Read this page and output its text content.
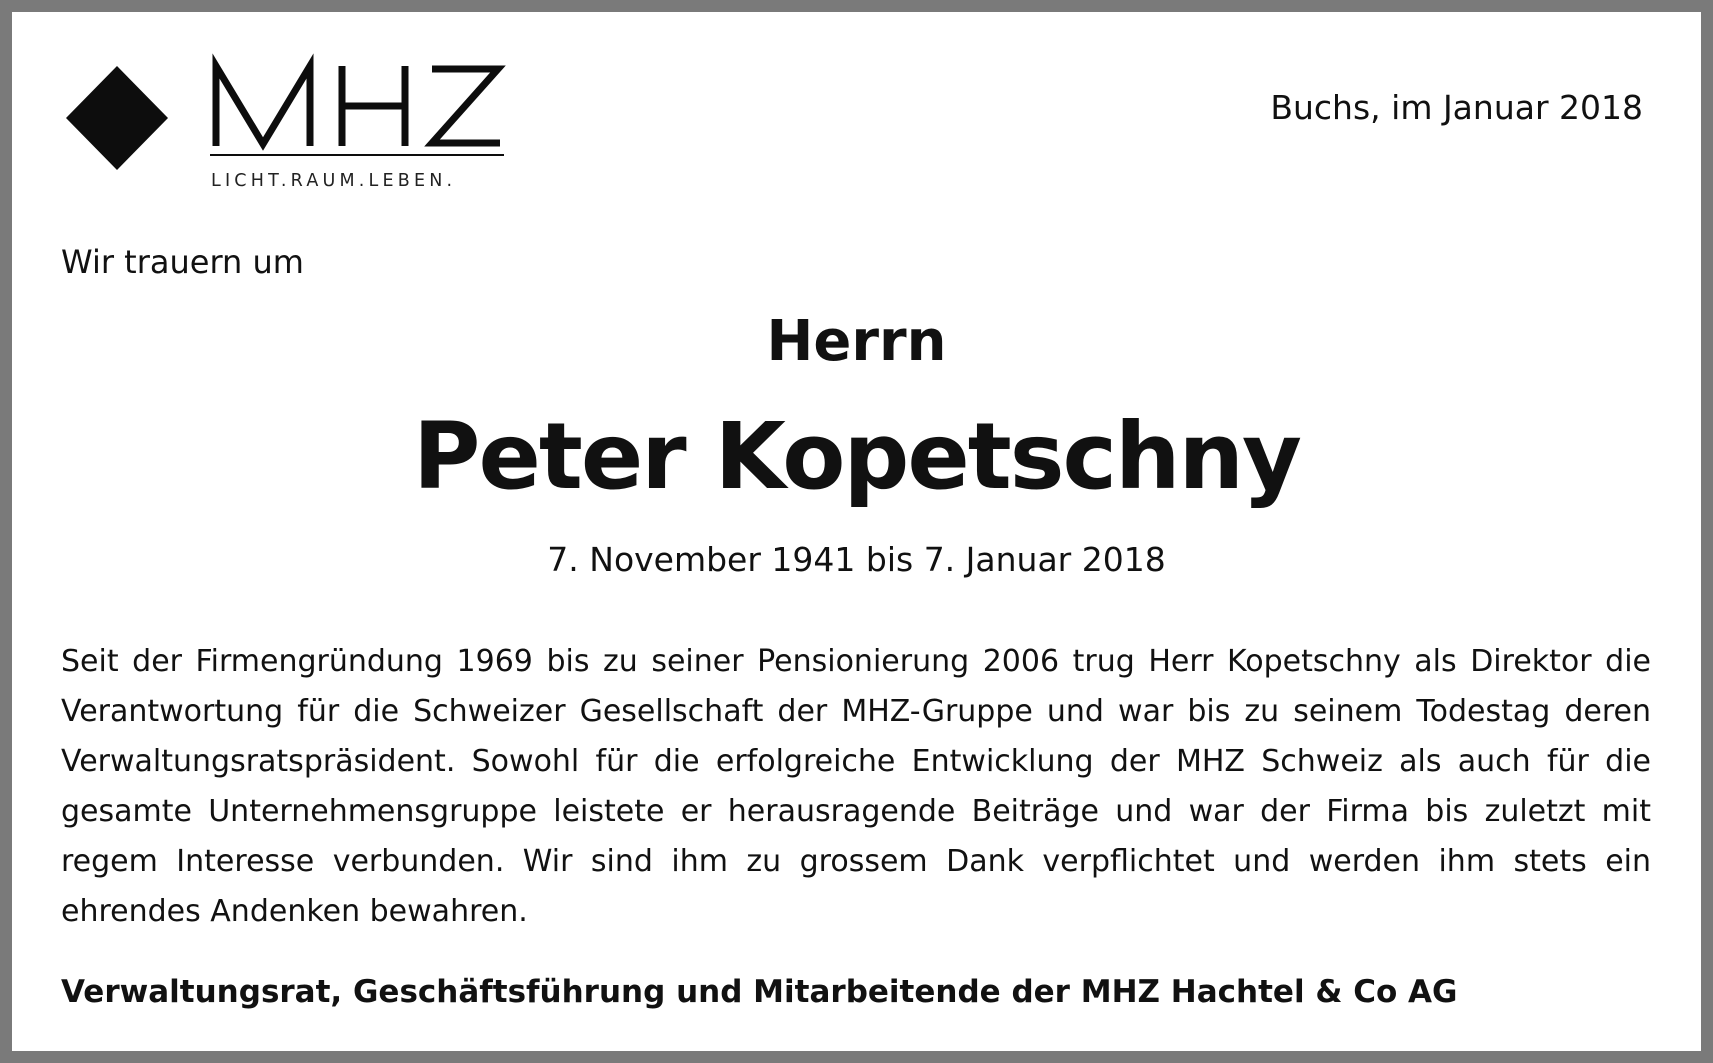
LICHT.RAUM.LEBEN.
Buchs, im Januar 2018
Wir trauern um
Herrn
Peter Kopetschny
7. November 1941 bis 7. Januar 2018
Seit der Firmengründung 1969 bis zu seiner Pensionierung 2006 trug Herr Kopetschny als Direktor die Verantwortung für die Schweizer Gesellschaft der MHZ-Gruppe und war bis zu seinem Todestag deren Verwaltungsratspräsident. Sowohl für die erfolgreiche Entwicklung der MHZ Schweiz als auch für die gesamte Unternehmensgruppe leistete er herausragende Beiträge und war der Firma bis zuletzt mit regem Interesse verbunden. Wir sind ihm zu grossem Dank verpflichtet und werden ihm stets ein ehrendes Andenken bewahren.
Verwaltungsrat, Geschäftsführung und Mitarbeitende der MHZ Hachtel & Co AG
